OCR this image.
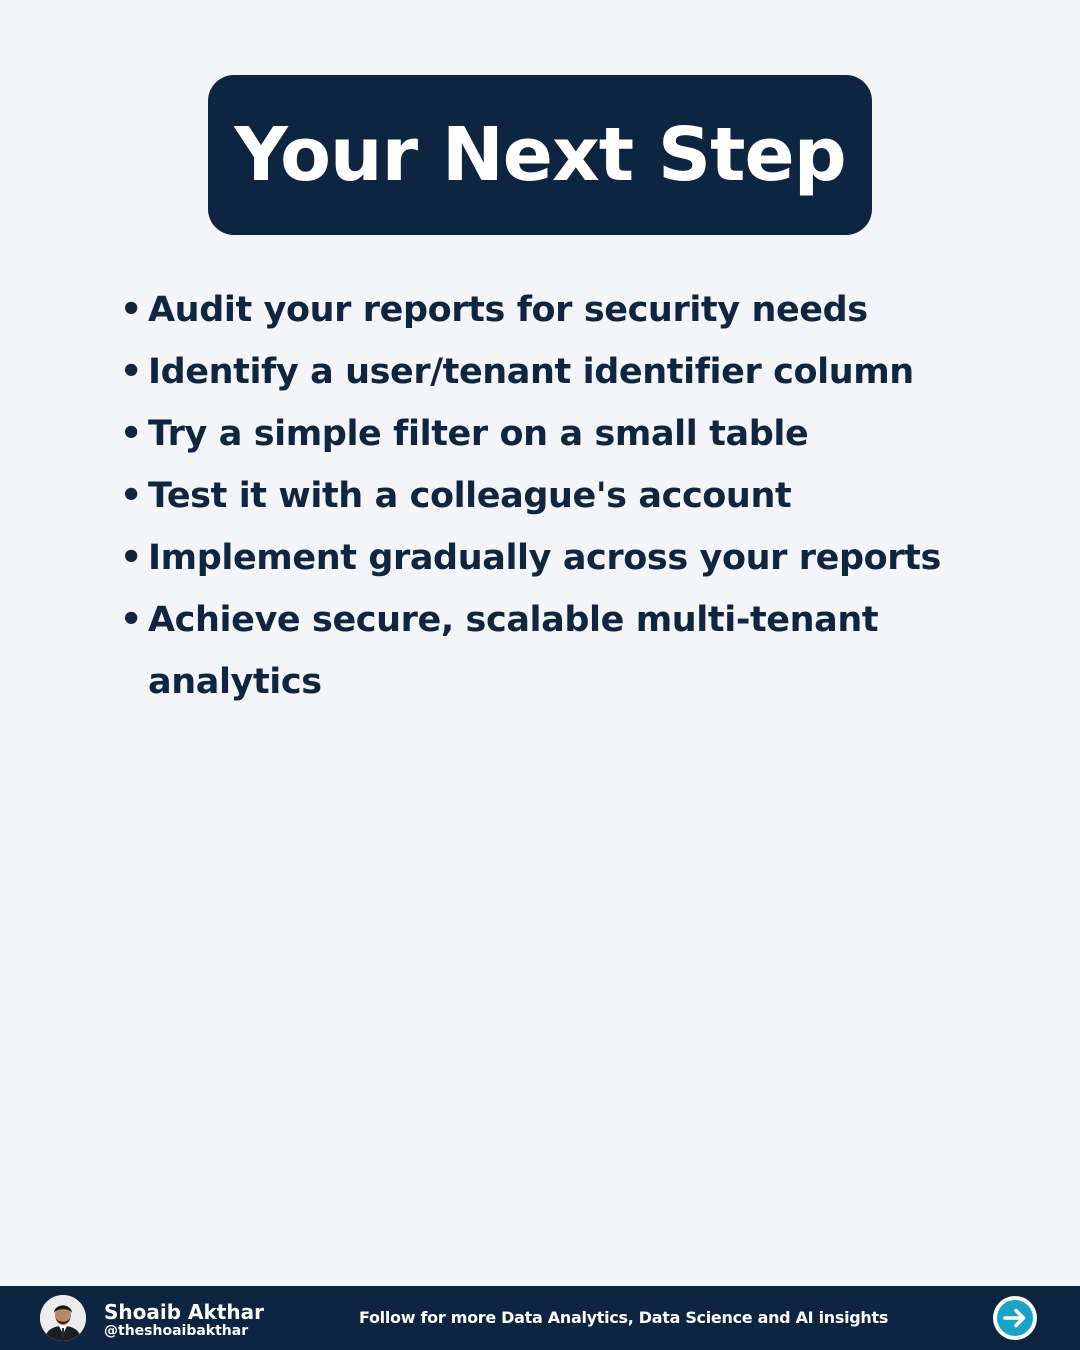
Your Next Step
• Audit your reports for security needs
• Identify a user/tenant identifier column
• Try a simple filter on a small table
• Test it with a colleague's account
• Implement gradually across your reports
• Achieve secure, scalable multi-tenant analytics
Shoaib Akthar
@theshoaibakthar
Follow for more Data Analytics, Data Science and AI insights
